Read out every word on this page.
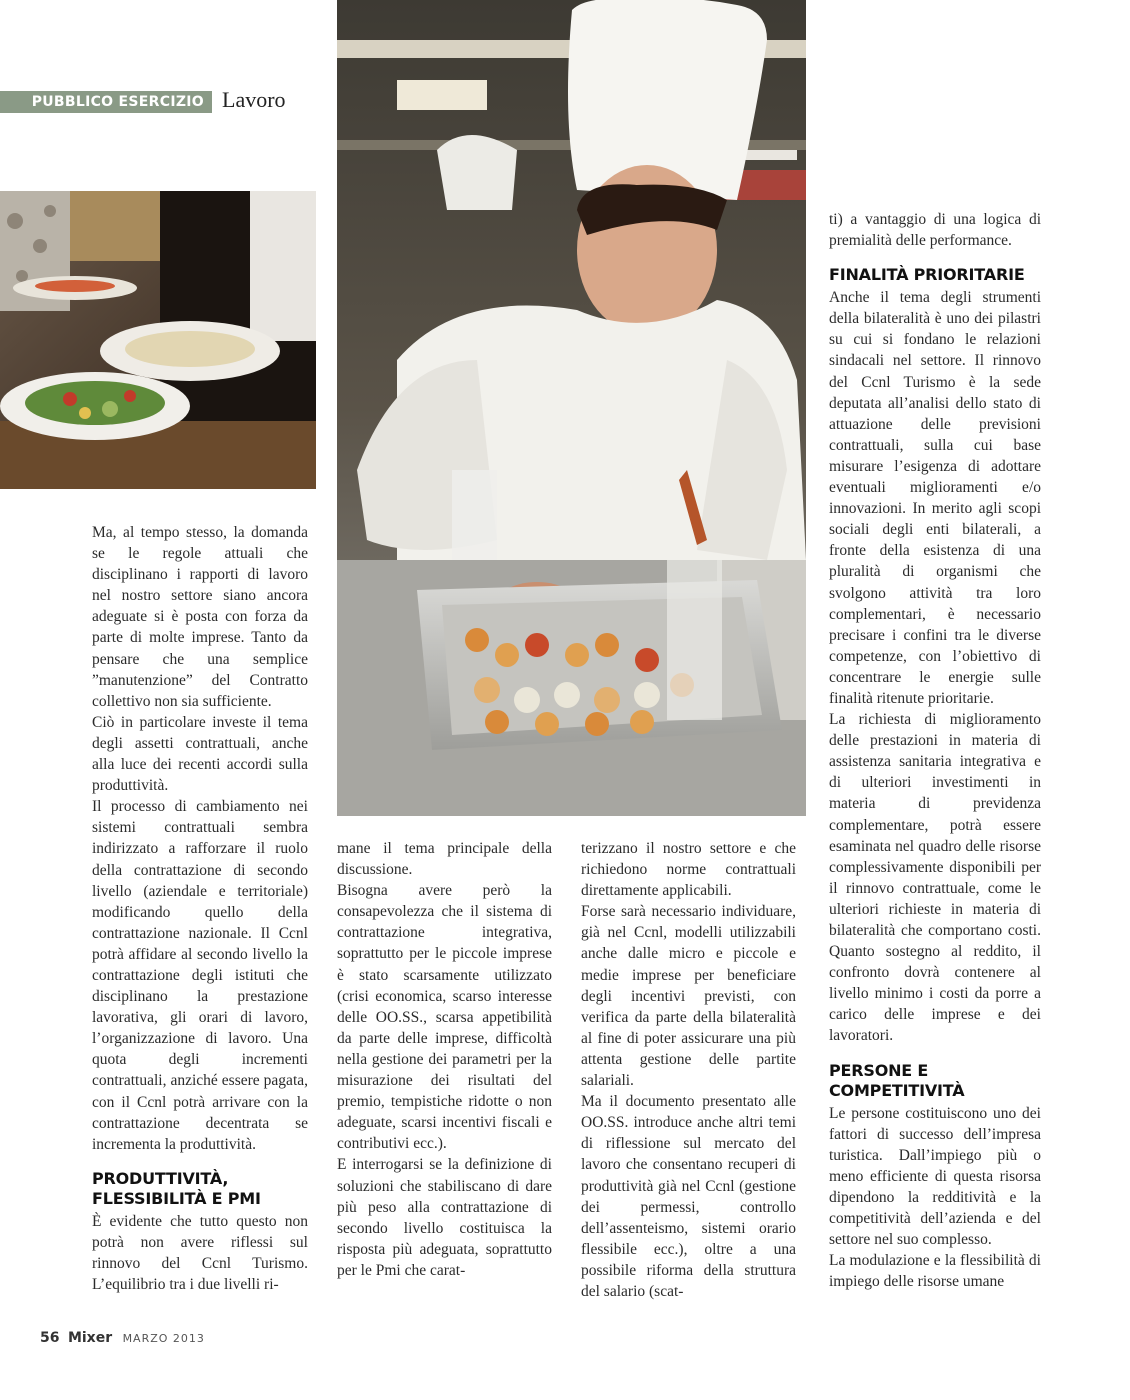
PUBBLICO ESERCIZIO Lavoro

Ma, al tempo stesso, la domanda se le regole attuali che disciplinano i rapporti di lavoro nel nostro settore siano ancora adeguate si è posta con forza da parte di molte imprese. Tanto da pensare che una semplice ”manutenzione” del Contratto collettivo non sia sufficiente.

Ciò in particolare investe il tema degli assetti contrattuali, anche alla luce dei recenti accordi sulla produttività.

Il processo di cambiamento nei sistemi contrattuali sembra indirizzato a rafforzare il ruolo della contrattazione di secondo livello (aziendale e territoriale) modificando quello della contrattazione nazionale. Il Ccnl potrà affidare al secondo livello la contrattazione degli istituti che disciplinano la prestazione lavorativa, gli orari di lavoro, l’organizzazione di lavoro. Una quota degli incrementi contrattuali, anziché essere pagata, con il Ccnl potrà arrivare con la contrattazione decentrata se incrementa la produttività.

PRODUTTIVITÀ, FLESSIBILITÀ E PMI

È evidente che tutto questo non potrà non avere riflessi sul rinnovo del Ccnl Turismo. L’equilibrio tra i due livelli ri-

mane il tema principale della discussione.

Bisogna avere però la consapevolezza che il sistema di contrattazione integrativa, soprattutto per le piccole imprese è stato scarsamente utilizzato (crisi economica, scarso interesse delle OO.SS., scarsa appetibilità da parte delle imprese, difficoltà nella gestione dei parametri per la misurazione dei risultati del premio, tempistiche ridotte o non adeguate, scarsi incentivi fiscali e contributivi ecc.).

E interrogarsi se la definizione di soluzioni che stabiliscano di dare più peso alla contrattazione di secondo livello costituisca la risposta più adeguata, soprattutto per le Pmi che carat-

terizzano il nostro settore e che richiedono norme contrattuali direttamente applicabili.

Forse sarà necessario individuare, già nel Ccnl, modelli utilizzabili anche dalle micro e piccole e medie imprese per beneficiare degli incentivi previsti, con verifica da parte della bilateralità al fine di poter assicurare una più attenta gestione delle partite salariali.

Ma il documento presentato alle OO.SS. introduce anche altri temi di riflessione sul mercato del lavoro che consentano recuperi di produttività già nel Ccnl (gestione dei permessi, controllo dell’assenteismo, sistemi orario flessibile ecc.), oltre a una possibile riforma della struttura del salario (scat-

ti) a vantaggio di una logica di premialità delle performance.

FINALITÀ PRIORITARIE

Anche il tema degli strumenti della bilateralità è uno dei pilastri su cui si fondano le relazioni sindacali nel settore. Il rinnovo del Ccnl Turismo è la sede deputata all’analisi dello stato di attuazione delle previsioni contrattuali, sulla cui base misurare l’esigenza di adottare eventuali miglioramenti e/o innovazioni. In merito agli scopi sociali degli enti bilaterali, a fronte della esistenza di una pluralità di organismi che svolgono attività tra loro complementari, è necessario precisare i confini tra le diverse competenze, con l’obiettivo di concentrare le energie sulle finalità ritenute prioritarie.

La richiesta di miglioramento delle prestazioni in materia di assistenza sanitaria integrativa e di ulteriori investimenti in materia di previdenza complementare, potrà essere esaminata nel quadro delle risorse complessivamente disponibili per il rinnovo contrattuale, come le ulteriori richieste in materia di bilateralità che comportano costi. Quanto sostegno al reddito, il confronto dovrà contenere al livello minimo i costi da porre a carico delle imprese e dei lavoratori.

PERSONE E COMPETITIVITÀ

Le persone costituiscono uno dei fattori di successo dell’impresa turistica. Dall’impiego più o meno efficiente di questa risorsa dipendono la redditività e la competitività dell’azienda e del settore nel suo complesso.

La modulazione e la flessibilità di impiego delle risorse umane

56 Mixer MARZO 2013
